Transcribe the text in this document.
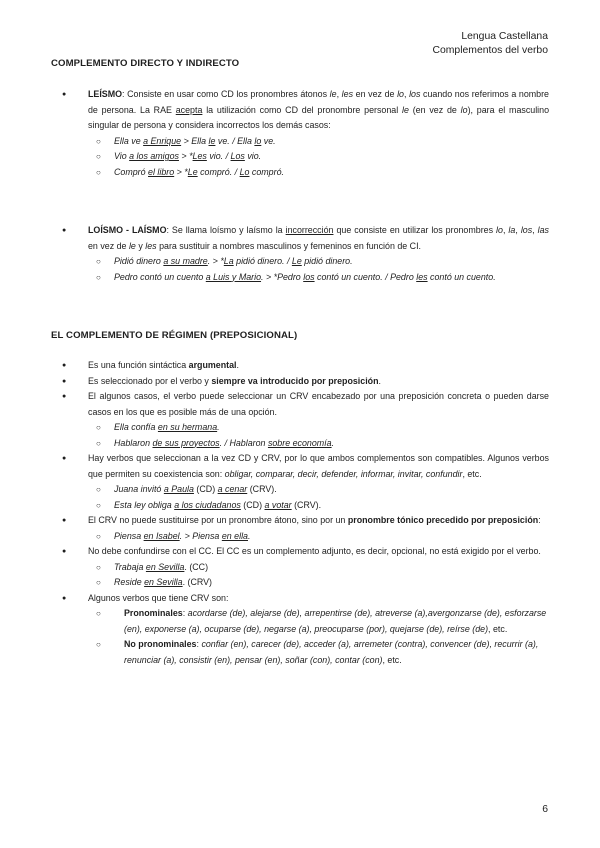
Lengua Castellana
Complementos del verbo
COMPLEMENTO DIRECTO Y INDIRECTO
● LEÍSMO: Consiste en usar como CD los pronombres átonos le, les en vez de lo, los cuando nos referimos a nombre de persona. La RAE acepta la utilización como CD del pronombre personal le (en vez de lo), para el masculino singular de persona y considera incorrectos los demás casos:
○ Ella ve a Enrique > Ella le ve. / Ella lo ve.
○ Vio a los amigos > *Les vio. / Los vio.
○ Compró el libro > *Le compró. / Lo compró.
● LOÍSMO - LAÍSMO: Se llama loísmo y laísmo la incorrección que consiste en utilizar los pronombres lo, la, los, las en vez de le y les para sustituir a nombres masculinos y femeninos en función de CI.
○ Pidió dinero a su madre. > *La pidió dinero. / Le pidió dinero.
○ Pedro contó un cuento a Luis y Mario. > *Pedro los contó un cuento. / Pedro les contó un cuento.
EL COMPLEMENTO DE RÉGIMEN (PREPOSICIONAL)
● Es una función sintáctica argumental.
● Es seleccionado por el verbo y siempre va introducido por preposición.
● El algunos casos, el verbo puede seleccionar un CRV encabezado por una preposición concreta o pueden darse casos en los que es posible más de una opción.
○ Ella confía en su hermana.
○ Hablaron de sus proyectos. / Hablaron sobre economía.
● Hay verbos que seleccionan a la vez CD y CRV, por lo que ambos complementos son compatibles. Algunos verbos que permiten su coexistencia son: obligar, comparar, decir, defender, informar, invitar, confundir, etc.
○ Juana invitó a Paula (CD) a cenar (CRV).
○ Esta ley obliga a los ciudadanos (CD) a votar (CRV).
● El CRV no puede sustituirse por un pronombre átono, sino por un pronombre tónico precedido por preposición:
○ Piensa en Isabel. > Piensa en ella.
● No debe confundirse con el CC. El CC es un complemento adjunto, es decir, opcional, no está exigido por el verbo.
○ Trabaja en Sevilla. (CC)
○ Reside en Sevilla. (CRV)
● Algunos verbos que tiene CRV son:
○ Pronominales: acordarse (de), alejarse (de), arrepentirse (de), atreverse (a),avergonzarse (de), esforzarse (en), exponerse (a), ocuparse (de), negarse (a), preocuparse (por), quejarse (de), reírse (de), etc.
○ No pronominales: confiar (en), carecer (de), acceder (a), arremeter (contra), convencer (de), recurrir (a), renunciar (a), consistir (en), pensar (en), soñar (con), contar (con), etc.
6
